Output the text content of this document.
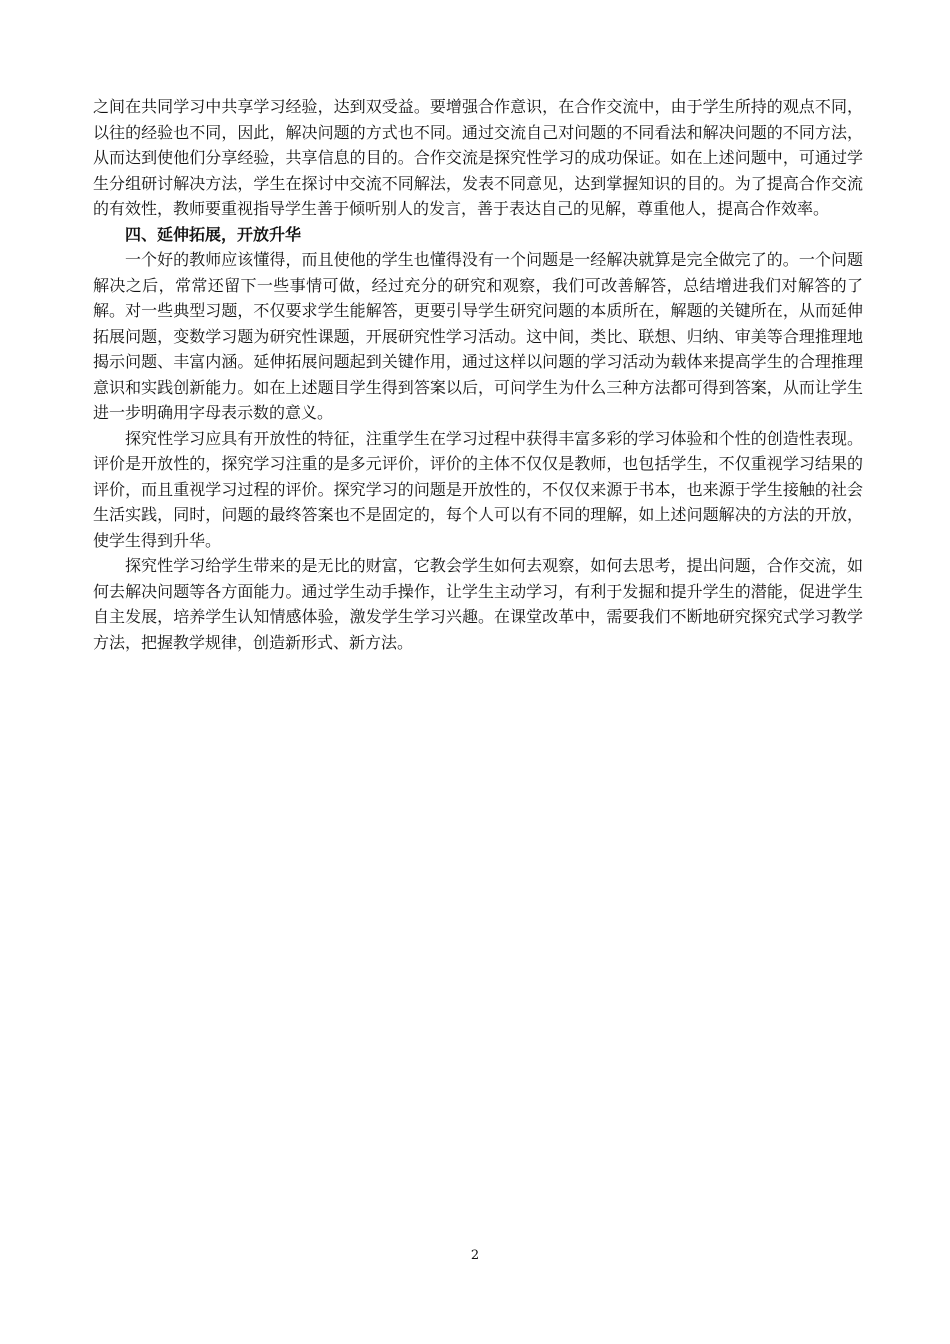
之间在共同学习中共享学习经验，达到双受益。要增强合作意识，在合作交流中，由于学生所持的观点不同，以往的经验也不同，因此，解决问题的方式也不同。通过交流自己对问题的不同看法和解决问题的不同方法，从而达到使他们分享经验，共享信息的目的。合作交流是探究性学习的成功保证。如在上述问题中，可通过学生分组研讨解决方法，学生在探讨中交流不同解法，发表不同意见，达到掌握知识的目的。为了提高合作交流的有效性，教师要重视指导学生善于倾听别人的发言，善于表达自己的见解，尊重他人，提高合作效率。

四、延伸拓展，开放升华

一个好的教师应该懂得，而且使他的学生也懂得没有一个问题是一经解决就算是完全做完了的。一个问题解决之后，常常还留下一些事情可做，经过充分的研究和观察，我们可改善解答，总结增进我们对解答的了解。对一些典型习题，不仅要求学生能解答，更要引导学生研究问题的本质所在，解题的关键所在，从而延伸拓展问题，变数学习题为研究性课题，开展研究性学习活动。这中间，类比、联想、归纳、审美等合理推理地揭示问题、丰富内涵。延伸拓展问题起到关键作用，通过这样以问题的学习活动为载体来提高学生的合理推理意识和实践创新能力。如在上述题目学生得到答案以后，可问学生为什么三种方法都可得到答案，从而让学生进一步明确用字母表示数的意义。

探究性学习应具有开放性的特征，注重学生在学习过程中获得丰富多彩的学习体验和个性的创造性表现。评价是开放性的，探究学习注重的是多元评价，评价的主体不仅仅是教师，也包括学生，不仅重视学习结果的评价，而且重视学习过程的评价。探究学习的问题是开放性的，不仅仅来源于书本，也来源于学生接触的社会生活实践，同时，问题的最终答案也不是固定的，每个人可以有不同的理解，如上述问题解决的方法的开放，使学生得到升华。

探究性学习给学生带来的是无比的财富，它教会学生如何去观察，如何去思考，提出问题，合作交流，如何去解决问题等各方面能力。通过学生动手操作，让学生主动学习，有利于发掘和提升学生的潜能，促进学生自主发展，培养学生认知情感体验，激发学生学习兴趣。在课堂改革中，需要我们不断地研究探究式学习教学方法，把握教学规律，创造新形式、新方法。

2
